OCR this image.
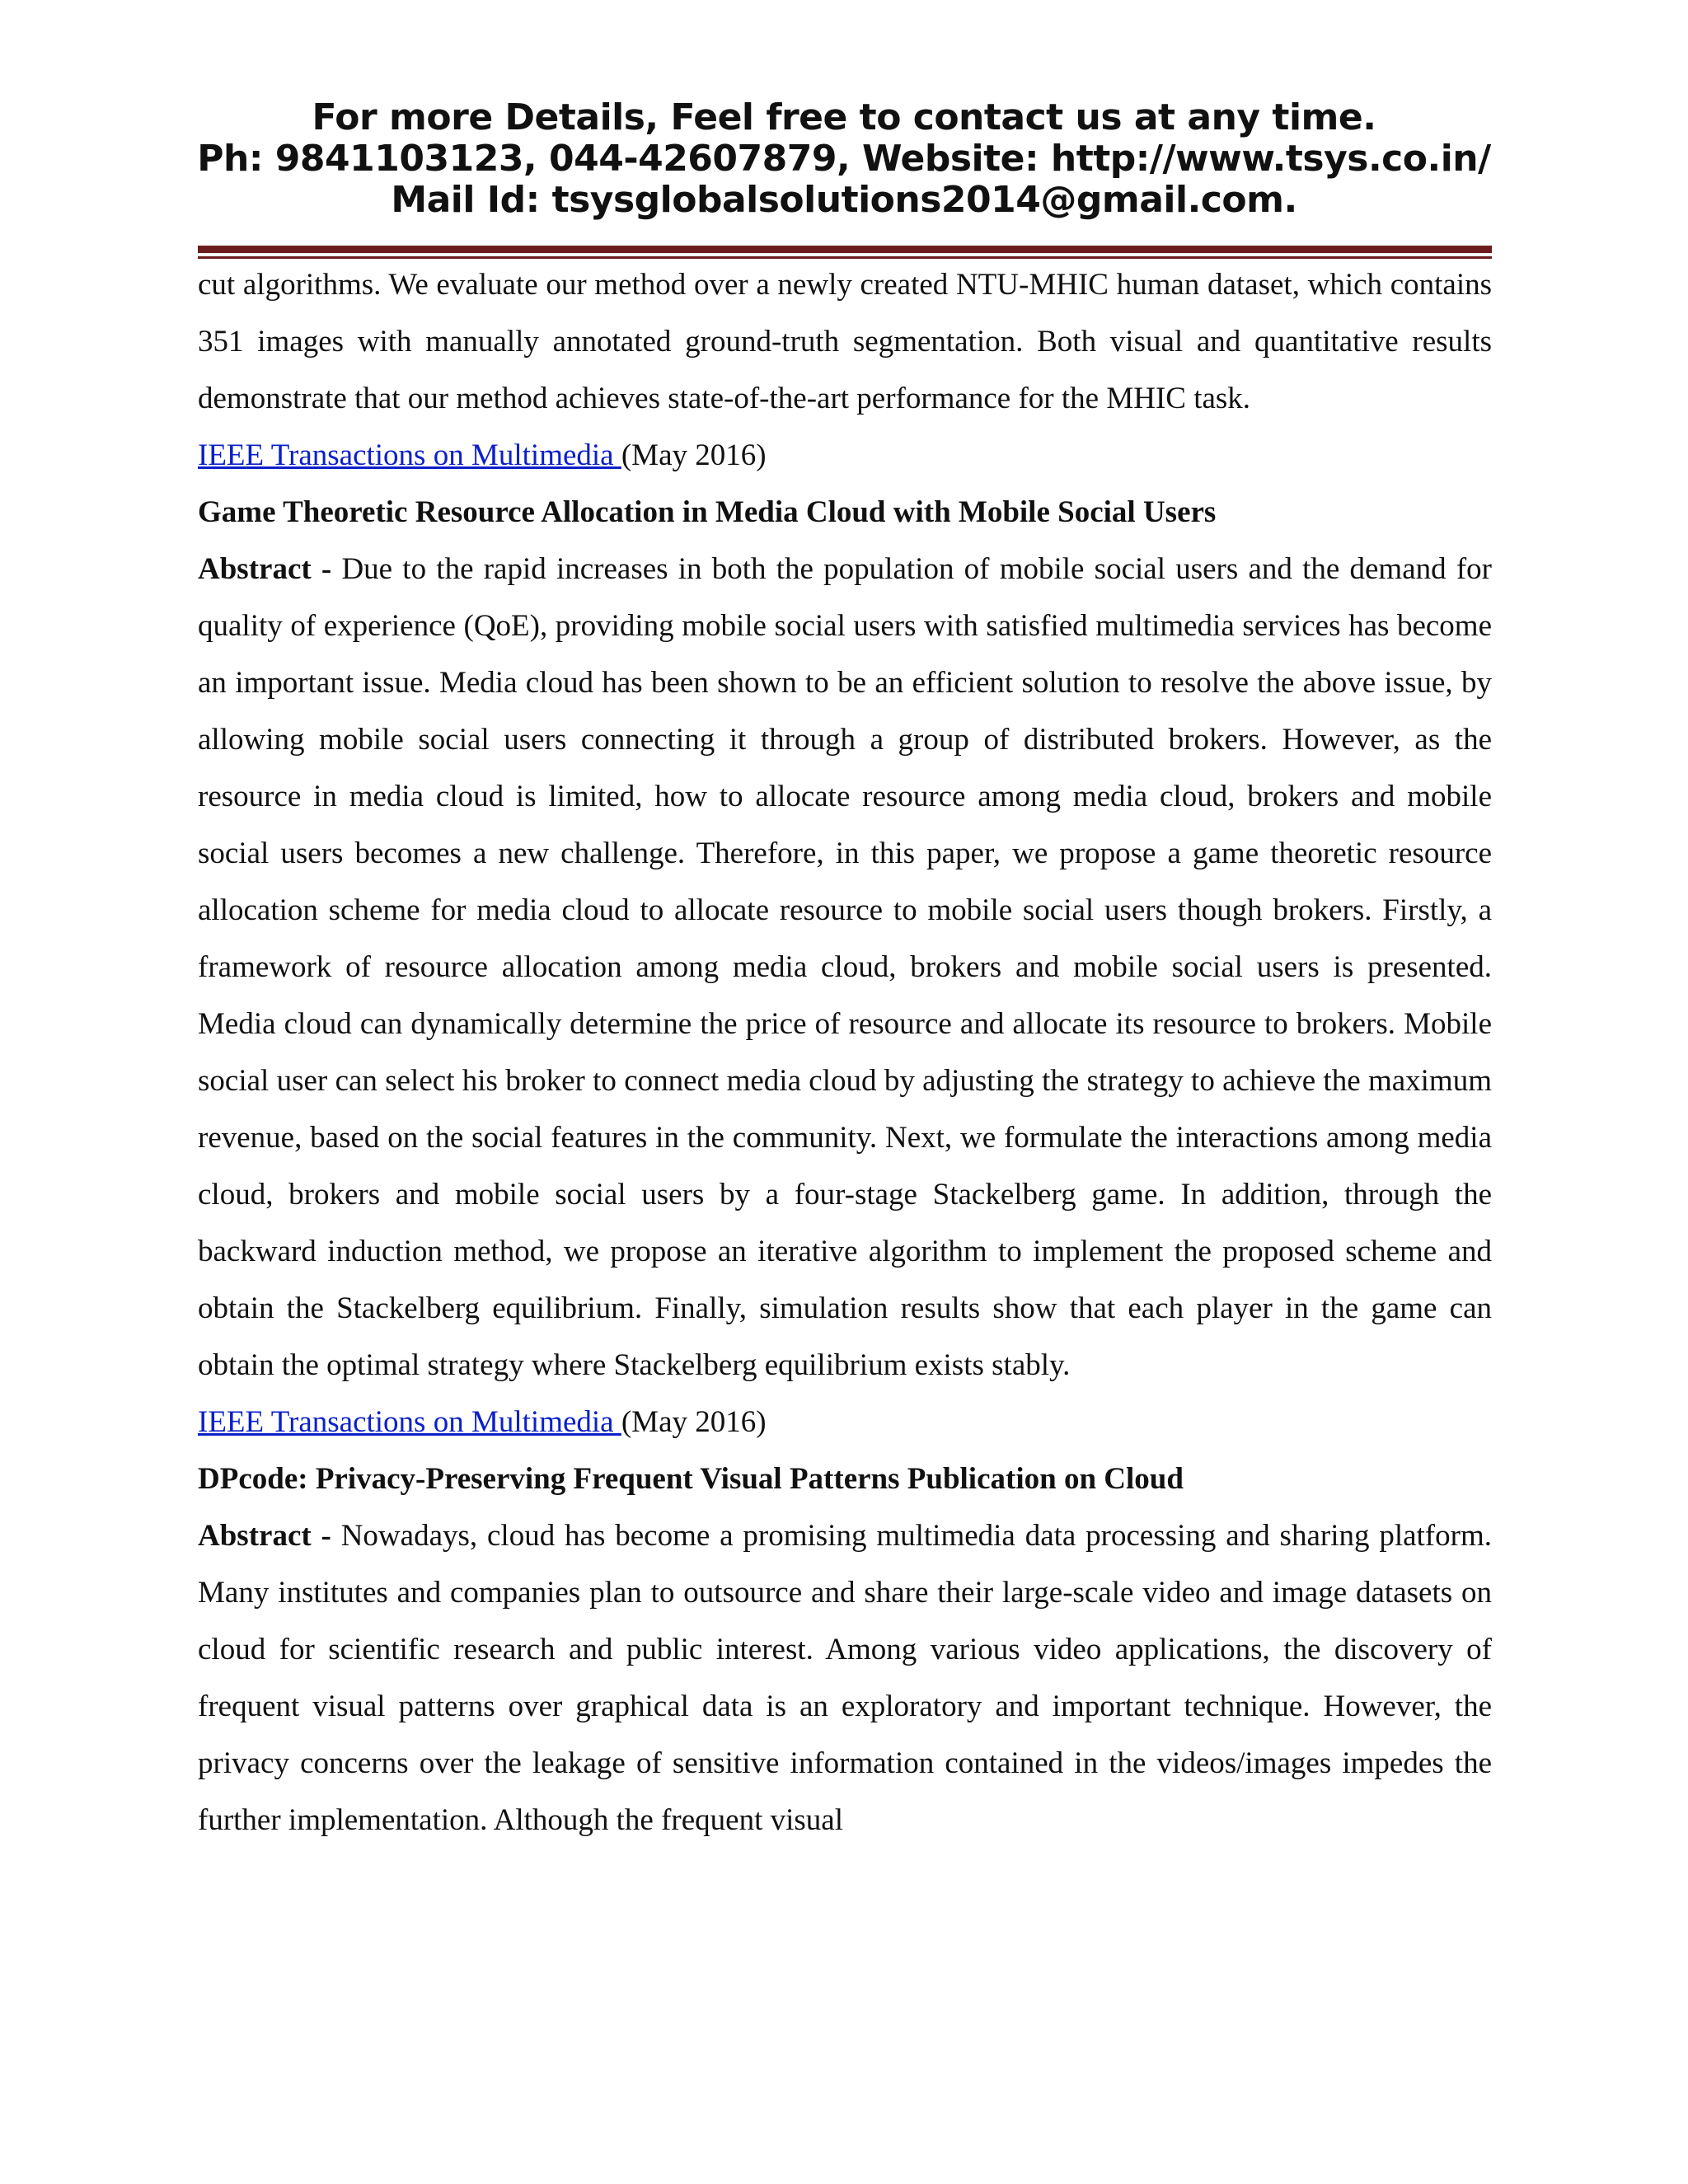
For more Details, Feel free to contact us at any time.
Ph: 9841103123, 044-42607879, Website: http://www.tsys.co.in/
Mail Id: tsysglobalsolutions2014@gmail.com.

cut algorithms. We evaluate our method over a newly created NTU-MHIC human dataset, which contains 351 images with manually annotated ground-truth segmentation. Both visual and quantitative results demonstrate that our method achieves state-of-the-art performance for the MHIC task.

IEEE Transactions on Multimedia (May 2016)

Game Theoretic Resource Allocation in Media Cloud with Mobile Social Users

Abstract - Due to the rapid increases in both the population of mobile social users and the demand for quality of experience (QoE), providing mobile social users with satisfied multimedia services has become an important issue. Media cloud has been shown to be an efficient solution to resolve the above issue, by allowing mobile social users connecting it through a group of distributed brokers. However, as the resource in media cloud is limited, how to allocate resource among media cloud, brokers and mobile social users becomes a new challenge. Therefore, in this paper, we propose a game theoretic resource allocation scheme for media cloud to allocate resource to mobile social users though brokers. Firstly, a framework of resource allocation among media cloud, brokers and mobile social users is presented. Media cloud can dynamically determine the price of resource and allocate its resource to brokers. Mobile social user can select his broker to connect media cloud by adjusting the strategy to achieve the maximum revenue, based on the social features in the community. Next, we formulate the interactions among media cloud, brokers and mobile social users by a four-stage Stackelberg game. In addition, through the backward induction method, we propose an iterative algorithm to implement the proposed scheme and obtain the Stackelberg equilibrium. Finally, simulation results show that each player in the game can obtain the optimal strategy where Stackelberg equilibrium exists stably.

IEEE Transactions on Multimedia (May 2016)

DPcode: Privacy-Preserving Frequent Visual Patterns Publication on Cloud

Abstract - Nowadays, cloud has become a promising multimedia data processing and sharing platform. Many institutes and companies plan to outsource and share their large-scale video and image datasets on cloud for scientific research and public interest. Among various video applications, the discovery of frequent visual patterns over graphical data is an exploratory and important technique. However, the privacy concerns over the leakage of sensitive information contained in the videos/images impedes the further implementation. Although the frequent visual
